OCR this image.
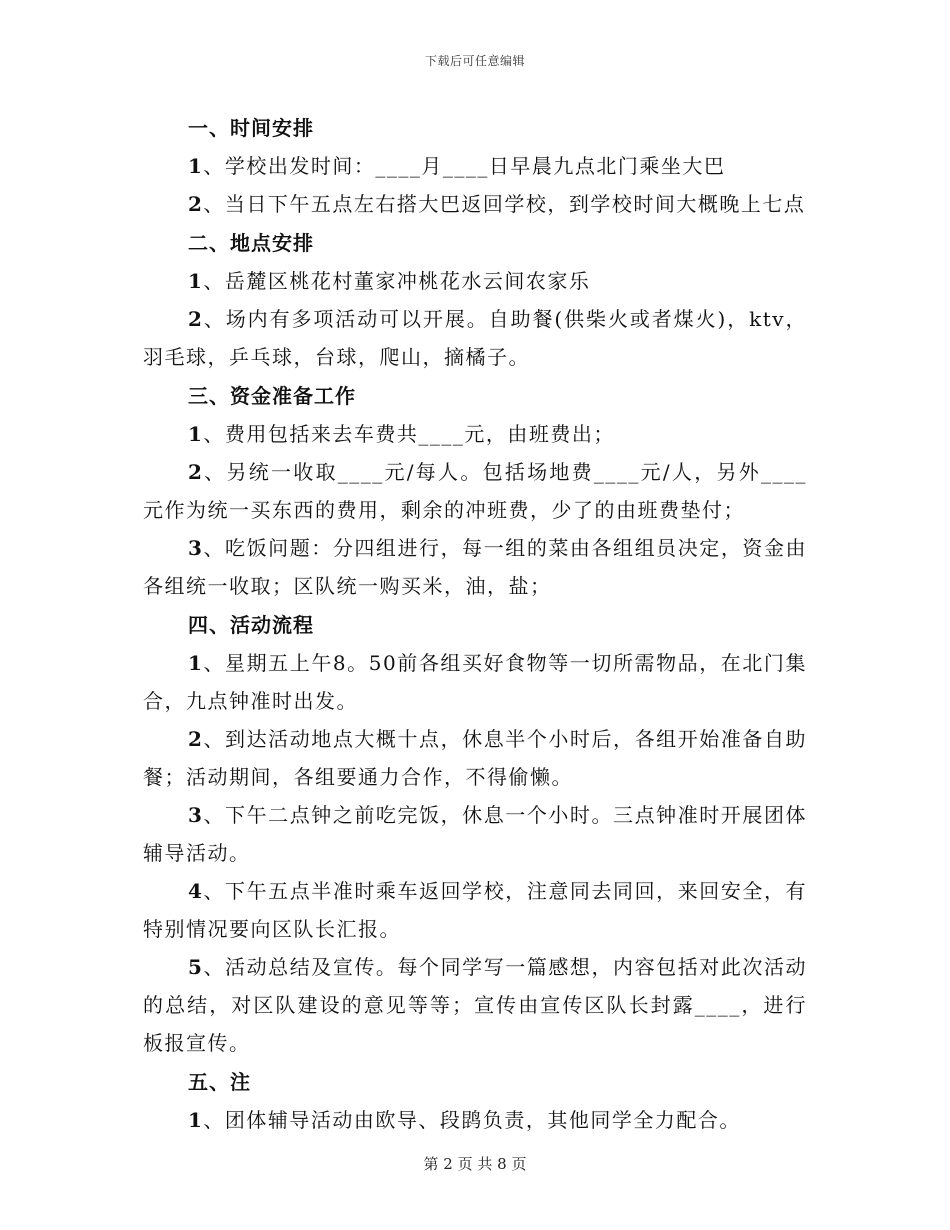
下载后可任意编辑
一、时间安排

1、学校出发时间：____月____日早晨九点北门乘坐大巴

2、当日下午五点左右搭大巴返回学校，到学校时间大概晚上七点

二、地点安排

1、岳麓区桃花村董家冲桃花水云间农家乐

2、场内有多项活动可以开展。自助餐(供柴火或者煤火)，ktv，羽毛球，乒乓球，台球，爬山，摘橘子。

三、资金准备工作

1、费用包括来去车费共____元，由班费出；

2、另统一收取____元/每人。包括场地费____元/人，另外____元作为统一买东西的费用，剩余的冲班费，少了的由班费垫付；

3、吃饭问题：分四组进行，每一组的菜由各组组员决定，资金由各组统一收取；区队统一购买米，油，盐；

四、活动流程

1、星期五上午8。50前各组买好食物等一切所需物品，在北门集合，九点钟准时出发。

2、到达活动地点大概十点，休息半个小时后，各组开始准备自助餐；活动期间，各组要通力合作，不得偷懒。

3、下午二点钟之前吃完饭，休息一个小时。三点钟准时开展团体辅导活动。

4、下午五点半准时乘车返回学校，注意同去同回，来回安全，有特别情况要向区队长汇报。

5、活动总结及宣传。每个同学写一篇感想，内容包括对此次活动的总结，对区队建设的意见等等；宣传由宣传区队长封露____，进行板报宣传。

五、注

1、团体辅导活动由欧导、段鹍负责，其他同学全力配合。

第 2 页 共 8 页
